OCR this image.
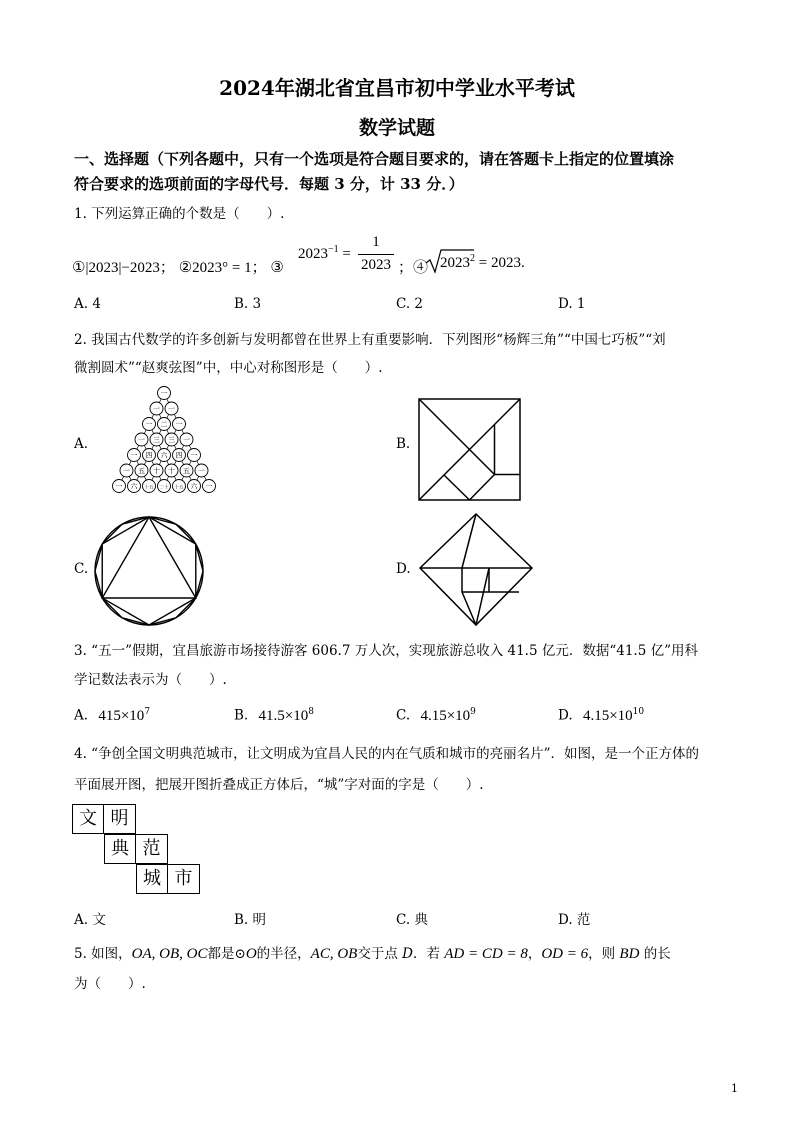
2024年湖北省宜昌市初中学业水平考试
数学试题
一、选择题（下列各题中，只有一个选项是符合题目要求的，请在答题卡上指定的位置填涂
符合要求的选项前面的字母代号．每题 3 分，计 33 分．）
1. 下列运算正确的个数是（　　）.
①|2023|−2023； ②2023° = 1； ③
$2023^{-1}$ =
1
2023 ；④ $2023^2 = 2023$.
A. 4	B. 3	C. 2	D. 1
2. 我国古代数学的许多创新与发明都曾在世界上有重要影响．下列图形“杨辉三角”“中国七巧板”“刘
微割圆术”“赵爽弦图”中，中心对称图形是（　　）.
A.
一
一 一
一 二 一
一 三 三 一
一 四 六 四 一
一 五 十 十 五 一
一 六 十五 二十 十五 六 一
B.
C.	D.
3. “五一”假期，宜昌旅游市场接待游客 606.7 万人次，实现旅游总收入 41.5 亿元．数据“41.5 亿”用科
学记数法表示为（　　）.
A. $415\times 10^7$	B. $41.5\times 10^8$	C. $4.15\times 10^9$	D. $4.15\times 10^{10}$
4. “争创全国文明典范城市，让文明成为宜昌人民的内在气质和城市的亮丽名片”．如图，是一个正方体的
平面展开图，把展开图折叠成正方体后，“城”字对面的字是（　　）.
文 明
典 范
城 市
A. 文	B. 明	C. 典	D. 范
5. 如图，OA, OB, OC都是⊙O的半径，AC, OB交于点 D．若 AD = CD = 8，OD = 6，则 BD 的长
为（　　）.
1
